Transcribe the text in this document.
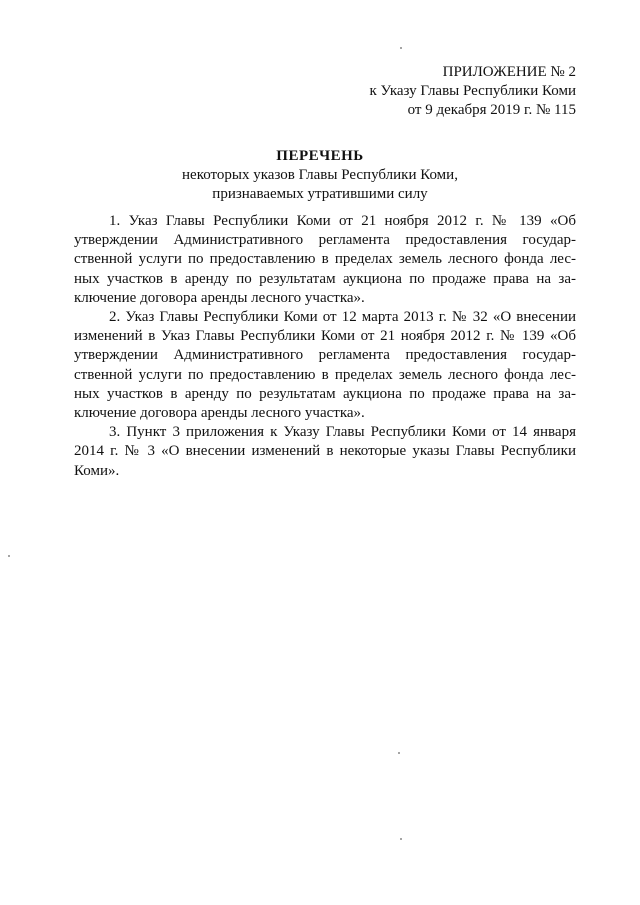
ПРИЛОЖЕНИЕ № 2
к Указу Главы Республики Коми
от 9 декабря 2019 г. № 115
ПЕРЕЧЕНЬ
некоторых указов Главы Республики Коми,
признаваемых утратившими силу
1. Указ Главы Республики Коми от 21 ноября 2012 г. № 139 «Об
утверждении Административного регламента предоставления государ-
ственной услуги по предоставлению в пределах земель лесного фонда лес-
ных участков в аренду по результатам аукциона по продаже права на за-
ключение договора аренды лесного участка».
2. Указ Главы Республики Коми от 12 марта 2013 г. № 32 «О внесении
изменений в Указ Главы Республики Коми от 21 ноября 2012 г. № 139 «Об
утверждении Административного регламента предоставления государ-
ственной услуги по предоставлению в пределах земель лесного фонда лес-
ных участков в аренду по результатам аукциона по продаже права на за-
ключение договора аренды лесного участка».
3. Пункт 3 приложения к Указу Главы Республики Коми от 14 января
2014 г. № 3 «О внесении изменений в некоторые указы Главы Республики
Коми».
